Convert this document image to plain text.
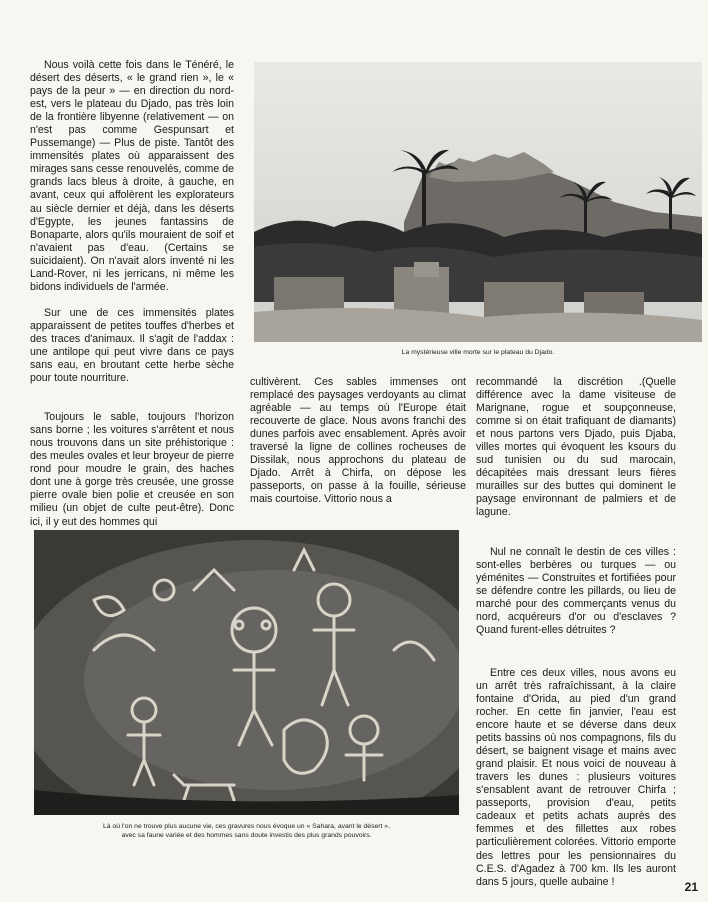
Nous voilà cette fois dans le Ténéré, le désert des déserts, « le grand rien », le « pays de la peur » — en direction du nord-est, vers le plateau du Djado, pas très loin de la frontière libyenne (relativement — on n'est pas comme Gespunsart et Pussemange) — Plus de piste. Tantôt des immensités plates où apparaissent des mirages sans cesse renouvelés, comme de grands lacs bleus à droite, à gauche, en avant, ceux qui affolèrent les explorateurs au siècle dernier et déjà, dans les déserts d'Egypte, les jeunes fantassins de Bonaparte, alors qu'ils mouraient de soif et n'avaient pas d'eau. (Certains se suicidaient). On n'avait alors inventé ni les Land-Rover, ni les jerricans, ni même les bidons individuels de l'armée.

Sur une de ces immensités plates apparaissent de petites touffes d'herbes et des traces d'animaux. Il s'agit de l'addax : une antilope qui peut vivre dans ce pays sans eau, en broutant cette herbe sèche pour toute nourriture.

Toujours le sable, toujours l'horizon sans borne ; les voitures s'arrêtent et nous nous trouvons dans un site préhistorique : des meules ovales et leur broyeur de pierre rond pour moudre le grain, des haches dont une à gorge très creusée, une grosse pierre ovale bien polie et creusée en son milieu (un objet de culte peut-être). Donc ici, il y eut des hommes qui

La mystérieuse ville morte sur le plateau du Djado.

cultivèrent. Ces sables immenses ont remplacé des paysages verdoyants au climat agréable — au temps où l'Europe était recouverte de glace. Nous avons franchi des dunes parfois avec ensablement. Après avoir traversé la ligne de collines rocheuses de Dissilak, nous approchons du plateau de Djado. Arrêt à Chirfa, on dépose les passeports, on passe à la fouille, sérieuse mais courtoise. Vittorio nous a

recommandé la discrétion .(Quelle différence avec la dame visiteuse de Marignane, rogue et soupçonneuse, comme si on était trafiquant de diamants) et nous partons vers Djado, puis Djaba, villes mortes qui évoquent les ksours du sud tunisien ou du sud marocain, décapitées mais dressant leurs fières murailles sur des buttes qui dominent le paysage environnant de palmiers et de lagune.

Nul ne connaît le destin de ces villes : sont-elles berbères ou turques — ou yéménites — Construites et fortifiées pour se défendre contre les pillards, ou lieu de marché pour des commerçants venus du nord, acquéreurs d'or ou d'esclaves ? Quand furent-elles détruites ?

Entre ces deux villes, nous avons eu un arrêt très rafraîchissant, à la claire fontaine d'Orida, au pied d'un grand rocher. En cette fin janvier, l'eau est encore haute et se déverse dans deux petits bassins où nos compagnons, fils du désert, se baignent visage et mains avec grand plaisir. Et nous voici de nouveau à travers les dunes : plusieurs voitures s'ensablent avant de retrouver Chirfa ; passeports, provision d'eau, petits cadeaux et petits achats auprès des femmes et des fillettes aux robes particulièrement colorées. Vittorio emporte des lettres pour les pensionnaires du C.E.S. d'Agadez à 700 km. Ils les auront dans 5 jours, quelle aubaine !

Là où l'on ne trouve plus aucune vie, ces gravures nous évoque un « Sahara, avant le désert »,
avec sa faune variée et des hommes sans doute investis des plus grands pouvoirs.
21
